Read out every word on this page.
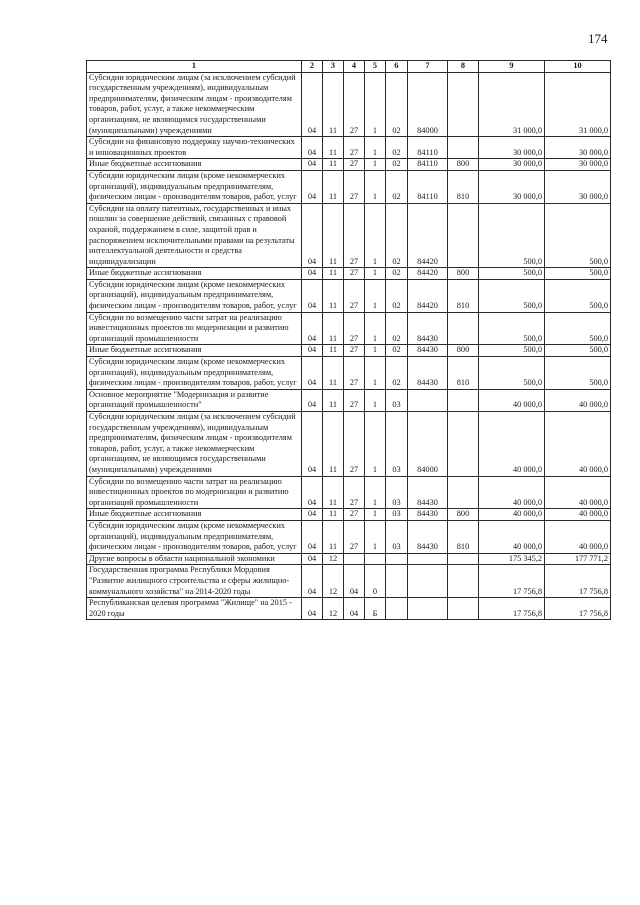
174
1	2	3	4	5	6	7	8	9	10
Субсидии юридическим лицам (за исключением субсидий государственным учреждениям), индивидуальным предпринимателям, физическим лицам - производителям товаров, работ, услуг, а также некоммерческим организациям, не являющимся государственными (муниципальными) учреждениями	04	11	27	1	02	84000		31 000,0	31 000,0
Субсидии на финансовую поддержку научно-технических и инновационных проектов	04	11	27	1	02	84110		30 000,0	30 000,0
Иные бюджетные ассигнования	04	11	27	1	02	84110	800	30 000,0	30 000,0
Субсидии юридическим лицам (кроме некоммерческих организаций), индивидуальным предпринимателям, физическим лицам - производителям товаров, работ, услуг	04	11	27	1	02	84110	810	30 000,0	30 000,0
Субсидии на оплату патентных, государственных и иных пошлин за совершение действий, связанных с правовой охраной, поддержанием в силе, защитой прав и распоряжением исключительными правами на результаты интеллектуальной деятельности и средства индивидуализации	04	11	27	1	02	84420		500,0	500,0
Иные бюджетные ассигнования	04	11	27	1	02	84420	800	500,0	500,0
Субсидии юридическим лицам (кроме некоммерческих организаций), индивидуальным предпринимателям, физическим лицам - производителям товаров, работ, услуг	04	11	27	1	02	84420	810	500,0	500,0
Субсидии по возмещению части затрат на реализацию инвестиционных проектов по модернизации и развитию организаций промышленности	04	11	27	1	02	84430		500,0	500,0
Иные бюджетные ассигнования	04	11	27	1	02	84430	800	500,0	500,0
Субсидии юридическим лицам (кроме некоммерческих организаций), индивидуальным предпринимателям, физическим лицам - производителям товаров, работ, услуг	04	11	27	1	02	84430	810	500,0	500,0
Основное мероприятие "Модернизация и развитие организаций промышленности"	04	11	27	1	03			40 000,0	40 000,0
Субсидии юридическим лицам (за исключением субсидий государственным учреждениям), индивидуальным предпринимателям, физическим лицам - производителям товаров, работ, услуг, а также некоммерческим организациям, не являющимся государственными (муниципальными) учреждениями	04	11	27	1	03	84000		40 000,0	40 000,0
Субсидии по возмещению части затрат на реализацию инвестиционных проектов по модернизации и развитию организаций промышленности	04	11	27	1	03	84430		40 000,0	40 000,0
Иные бюджетные ассигнования	04	11	27	1	03	84430	800	40 000,0	40 000,0
Субсидии юридическим лицам (кроме некоммерческих организаций), индивидуальным предпринимателям, физическим лицам - производителям товаров, работ, услуг	04	11	27	1	03	84430	810	40 000,0	40 000,0
Другие вопросы в области национальной экономики	04	12						175 345,2	177 771,2
Государственная программа Республики Мордовия "Развитие жилищного строительства и сферы жилищно-коммунального хозяйства" на 2014-2020 годы	04	12	04	0				17 756,8	17 756,8
Республиканская целевая программа "Жилище" на 2015 - 2020 годы	04	12	04	Б				17 756,8	17 756,8
